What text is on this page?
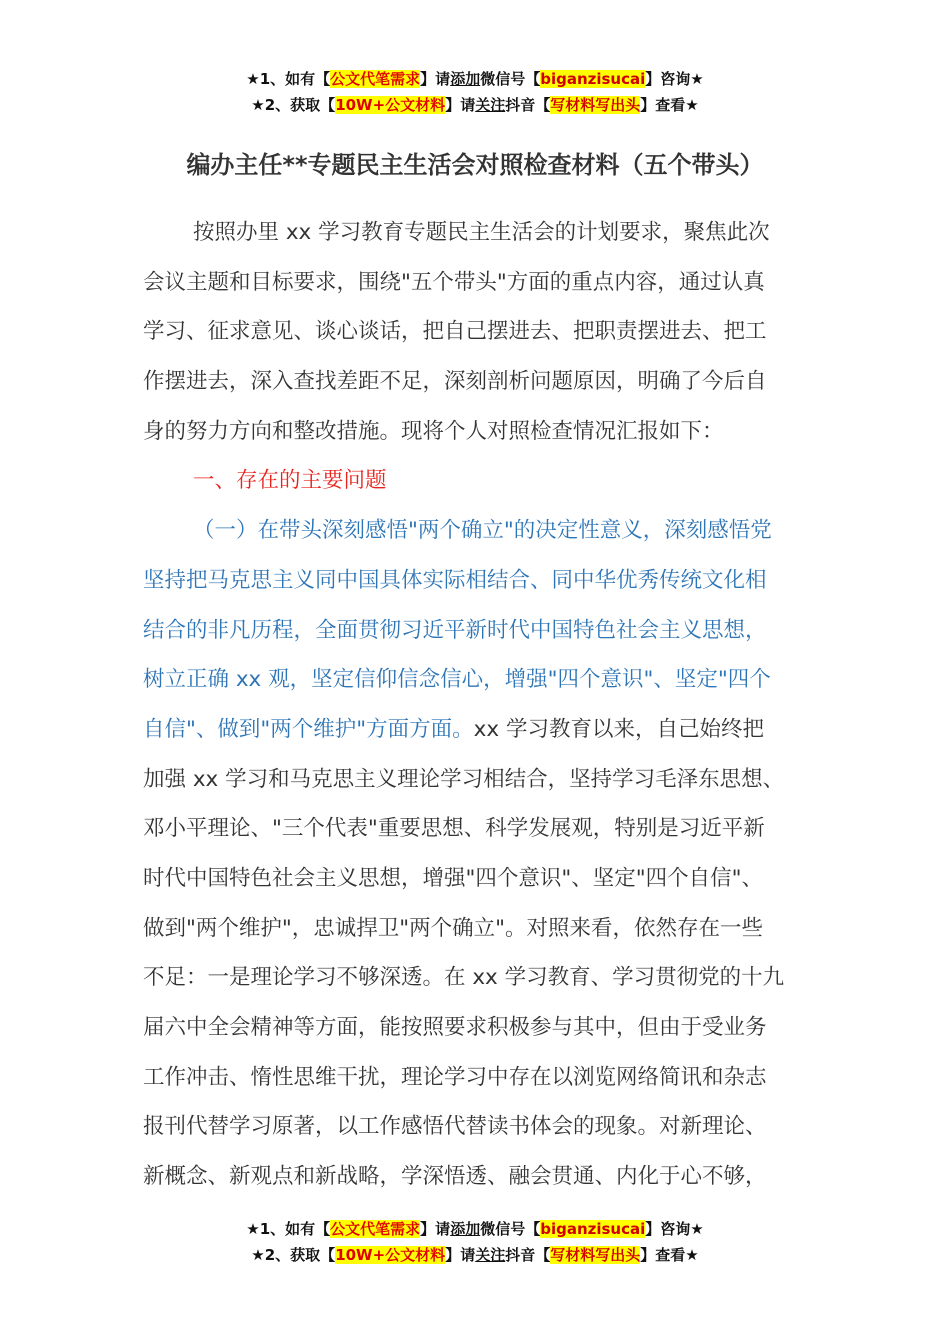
★1、如有【公文代笔需求】请添加微信号【biganzisucai】咨询★
★2、获取【10W+公文材料】请关注抖音【写材料写出头】查看★
编办主任**专题民主生活会对照检查材料（五个带头）
按照办里 xx 学习教育专题民主生活会的计划要求，聚焦此次
会议主题和目标要求，围绕"五个带头"方面的重点内容，通过认真
学习、征求意见、谈心谈话，把自己摆进去、把职责摆进去、把工
作摆进去，深入查找差距不足，深刻剖析问题原因，明确了今后自
身的努力方向和整改措施。现将个人对照检查情况汇报如下：
一、存在的主要问题
（一）在带头深刻感悟"两个确立"的决定性意义，深刻感悟党
坚持把马克思主义同中国具体实际相结合、同中华优秀传统文化相
结合的非凡历程，全面贯彻习近平新时代中国特色社会主义思想，
树立正确 xx 观，坚定信仰信念信心，增强"四个意识"、坚定"四个
自信"、做到"两个维护"方面方面。xx 学习教育以来，自己始终把
加强 xx 学习和马克思主义理论学习相结合，坚持学习毛泽东思想、
邓小平理论、"三个代表"重要思想、科学发展观，特别是习近平新
时代中国特色社会主义思想，增强"四个意识"、坚定"四个自信"、
做到"两个维护"，忠诚捍卫"两个确立"。对照来看，依然存在一些
不足：一是理论学习不够深透。在 xx 学习教育、学习贯彻党的十九
届六中全会精神等方面，能按照要求积极参与其中，但由于受业务
工作冲击、惰性思维干扰，理论学习中存在以浏览网络简讯和杂志
报刊代替学习原著，以工作感悟代替读书体会的现象。对新理论、
新概念、新观点和新战略，学深悟透、融会贯通、内化于心不够，
★1、如有【公文代笔需求】请添加微信号【biganzisucai】咨询★
★2、获取【10W+公文材料】请关注抖音【写材料写出头】查看★
